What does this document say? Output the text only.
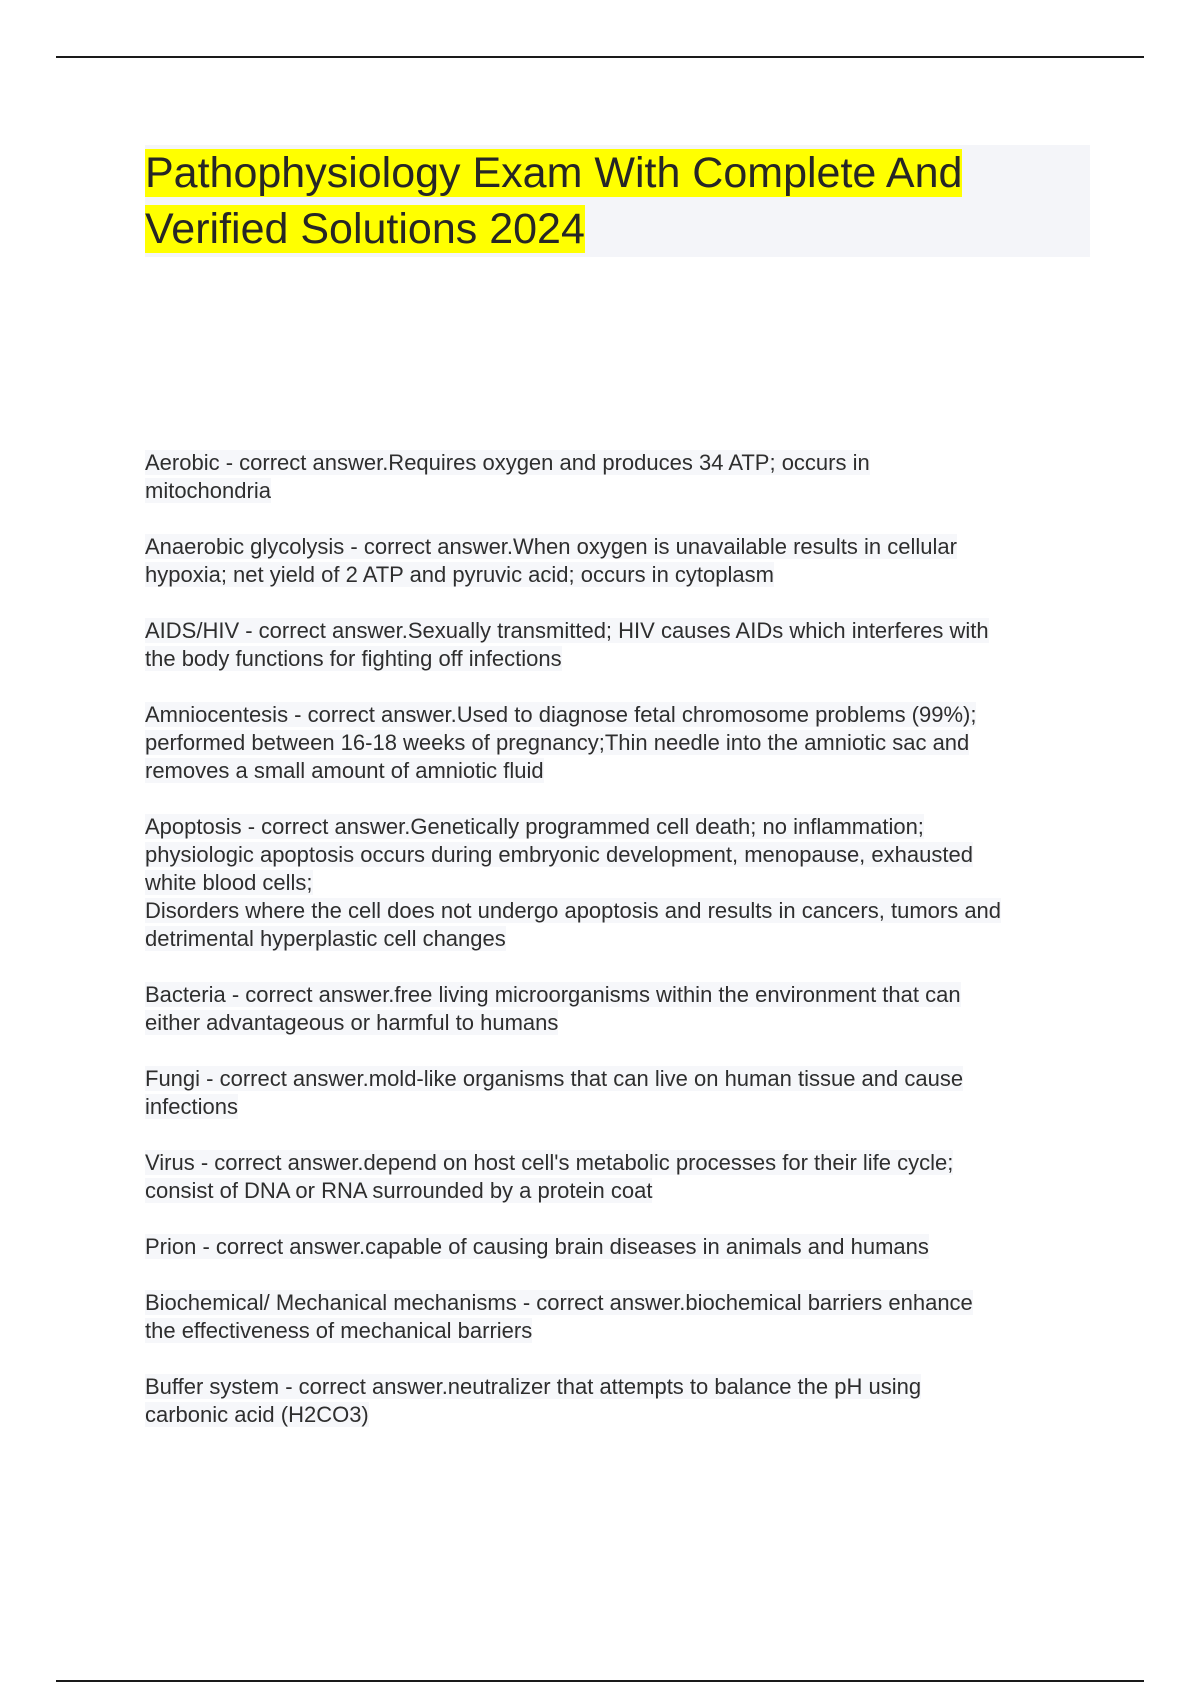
Pathophysiology Exam With Complete And
Verified Solutions 2024

Aerobic - correct answer.Requires oxygen and produces 34 ATP; occurs in
mitochondria

Anaerobic glycolysis - correct answer.When oxygen is unavailable results in cellular
hypoxia; net yield of 2 ATP and pyruvic acid; occurs in cytoplasm

AIDS/HIV - correct answer.Sexually transmitted; HIV causes AIDs which interferes with
the body functions for fighting off infections

Amniocentesis - correct answer.Used to diagnose fetal chromosome problems (99%);
performed between 16-18 weeks of pregnancy;Thin needle into the amniotic sac and
removes a small amount of amniotic fluid

Apoptosis - correct answer.Genetically programmed cell death; no inflammation;
physiologic apoptosis occurs during embryonic development, menopause, exhausted
white blood cells;
Disorders where the cell does not undergo apoptosis and results in cancers, tumors and
detrimental hyperplastic cell changes

Bacteria - correct answer.free living microorganisms within the environment that can
either advantageous or harmful to humans

Fungi - correct answer.mold-like organisms that can live on human tissue and cause
infections

Virus - correct answer.depend on host cell's metabolic processes for their life cycle;
consist of DNA or RNA surrounded by a protein coat

Prion - correct answer.capable of causing brain diseases in animals and humans

Biochemical/ Mechanical mechanisms - correct answer.biochemical barriers enhance
the effectiveness of mechanical barriers

Buffer system - correct answer.neutralizer that attempts to balance the pH using
carbonic acid (H2CO3)
